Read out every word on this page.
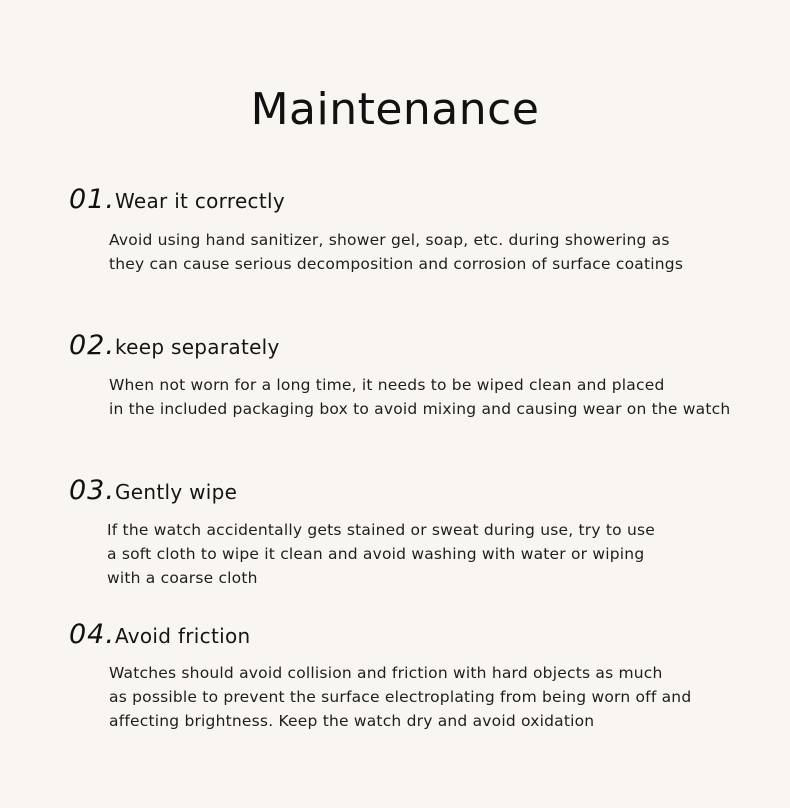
Maintenance
01.Wear it correctly
Avoid using hand sanitizer, shower gel, soap, etc. during showering as
they can cause serious decomposition and corrosion of surface coatings
02.keep separately
When not worn for a long time, it needs to be wiped clean and placed
in the included packaging box to avoid mixing and causing wear on the watch
03.Gently wipe
If the watch accidentally gets stained or sweat during use, try to use
a soft cloth to wipe it clean and avoid washing with water or wiping
with a coarse cloth
04.Avoid friction
Watches should avoid collision and friction with hard objects as much
as possible to prevent the surface electroplating from being worn off and
affecting brightness. Keep the watch dry and avoid oxidation
